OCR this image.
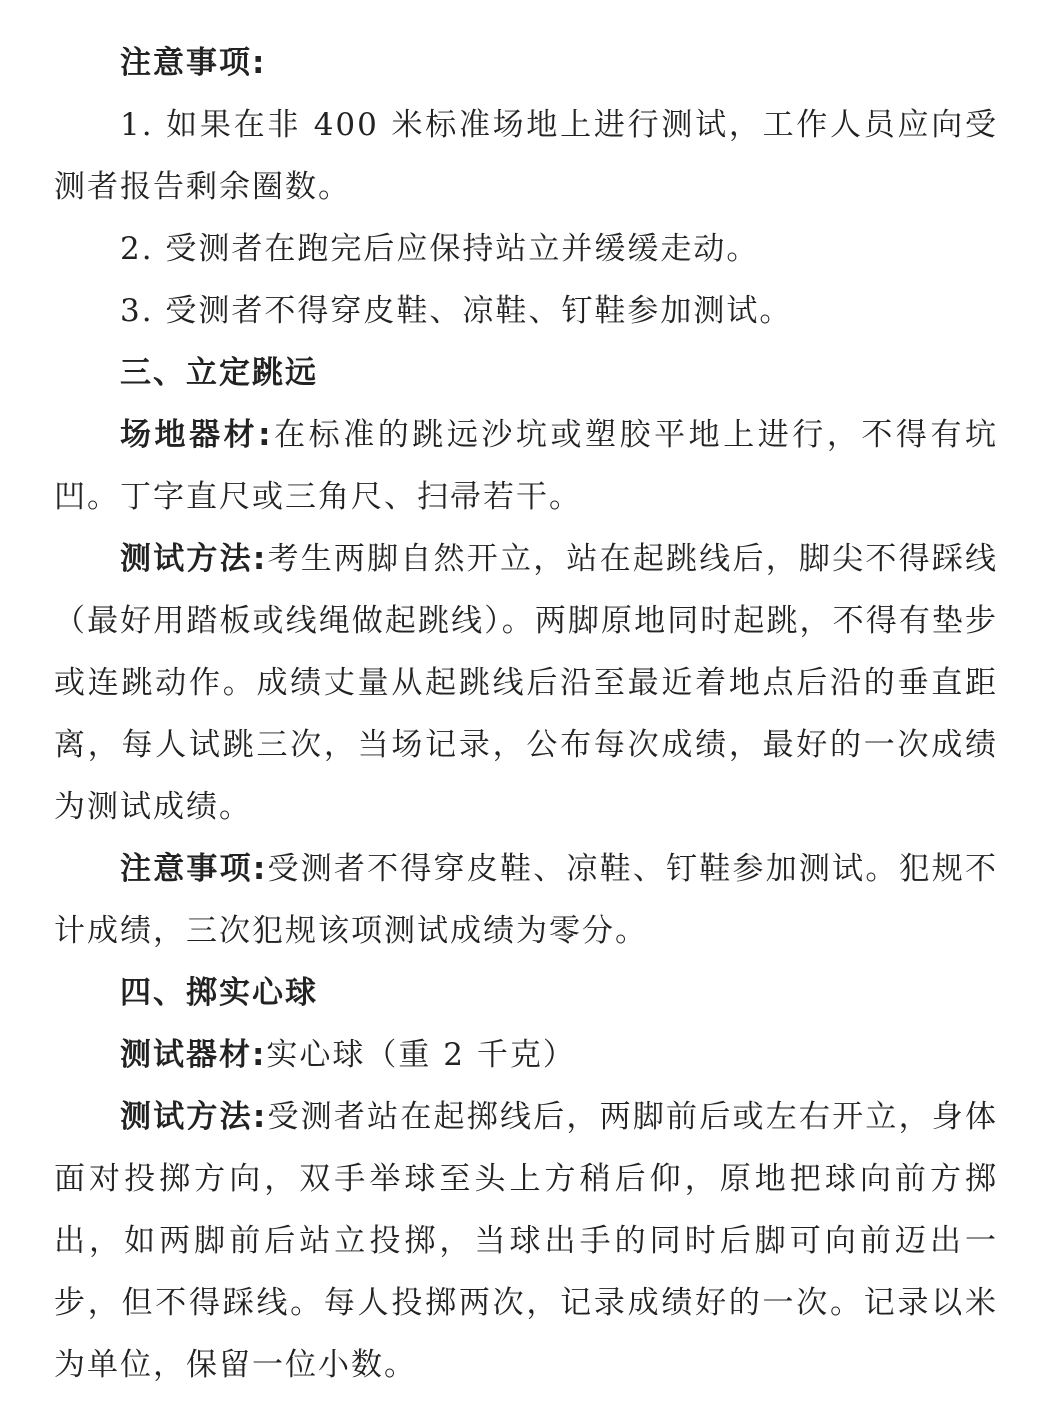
注意事项:

1. 如果在非 400 米标准场地上进行测试，工作人员应向受测者报告剩余圈数。

2. 受测者在跑完后应保持站立并缓缓走动。

3. 受测者不得穿皮鞋、凉鞋、钉鞋参加测试。

三、立定跳远

场地器材:在标准的跳远沙坑或塑胶平地上进行，不得有坑凹。丁字直尺或三角尺、扫帚若干。

测试方法:考生两脚自然开立，站在起跳线后，脚尖不得踩线（最好用踏板或线绳做起跳线）。两脚原地同时起跳，不得有垫步或连跳动作。成绩丈量从起跳线后沿至最近着地点后沿的垂直距离，每人试跳三次，当场记录，公布每次成绩，最好的一次成绩为测试成绩。

注意事项:受测者不得穿皮鞋、凉鞋、钉鞋参加测试。犯规不计成绩，三次犯规该项测试成绩为零分。

四、掷实心球

测试器材:实心球（重 2 千克）

测试方法:受测者站在起掷线后，两脚前后或左右开立，身体面对投掷方向，双手举球至头上方稍后仰，原地把球向前方掷出，如两脚前后站立投掷，当球出手的同时后脚可向前迈出一步，但不得踩线。每人投掷两次，记录成绩好的一次。记录以米为单位，保留一位小数。
